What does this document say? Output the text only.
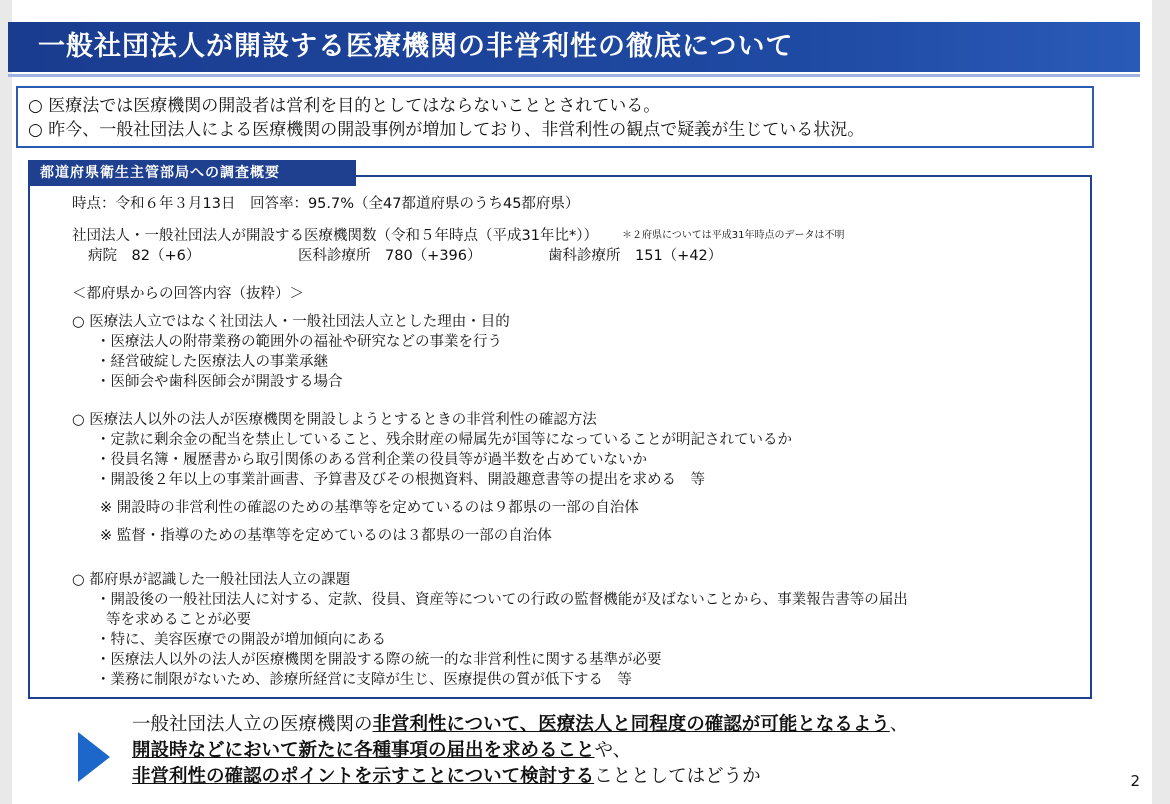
一般社団法人が開設する医療機関の非営利性の徹底について
○ 医療法では医療機関の開設者は営利を目的としてはならないこととされている。
○ 昨今、一般社団法人による医療機関の開設事例が増加しており、非営利性の観点で疑義が生じている状況。
都道府県衛生主管部局への調査概要
時点：令和６年３月13日　回答率：95.7%（全47都道府県のうち45都府県）
社団法人・一般社団法人が開設する医療機関数（令和５年時点（平成31年比*）） ＊２府県については平成31年時点のデータは不明
病院　82（+6）	医科診療所　780（+396）	歯科診療所　151（+42）
＜都府県からの回答内容（抜粋）＞
○ 医療法人立ではなく社団法人・一般社団法人立とした理由・目的
・医療法人の附帯業務の範囲外の福祉や研究などの事業を行う
・経営破綻した医療法人の事業承継
・医師会や歯科医師会が開設する場合
○ 医療法人以外の法人が医療機関を開設しようとするときの非営利性の確認方法
・定款に剰余金の配当を禁止していること、残余財産の帰属先が国等になっていることが明記されているか
・役員名簿・履歴書から取引関係のある営利企業の役員等が過半数を占めていないか
・開設後２年以上の事業計画書、予算書及びその根拠資料、開設趣意書等の提出を求める　等
※ 開設時の非営利性の確認のための基準等を定めているのは９都県の一部の自治体
※ 監督・指導のための基準等を定めているのは３都県の一部の自治体
○ 都府県が認識した一般社団法人立の課題
・開設後の一般社団法人に対する、定款、役員、資産等についての行政の監督機能が及ばないことから、事業報告書等の届出
等を求めることが必要
・特に、美容医療での開設が増加傾向にある
・医療法人以外の法人が医療機関を開設する際の統一的な非営利性に関する基準が必要
・業務に制限がないため、診療所経営に支障が生じ、医療提供の質が低下する　等
一般社団法人立の医療機関の非営利性について、医療法人と同程度の確認が可能となるよう、
開設時などにおいて新たに各種事項の届出を求めることや、
非営利性の確認のポイントを示すことについて検討することとしてはどうか	2
